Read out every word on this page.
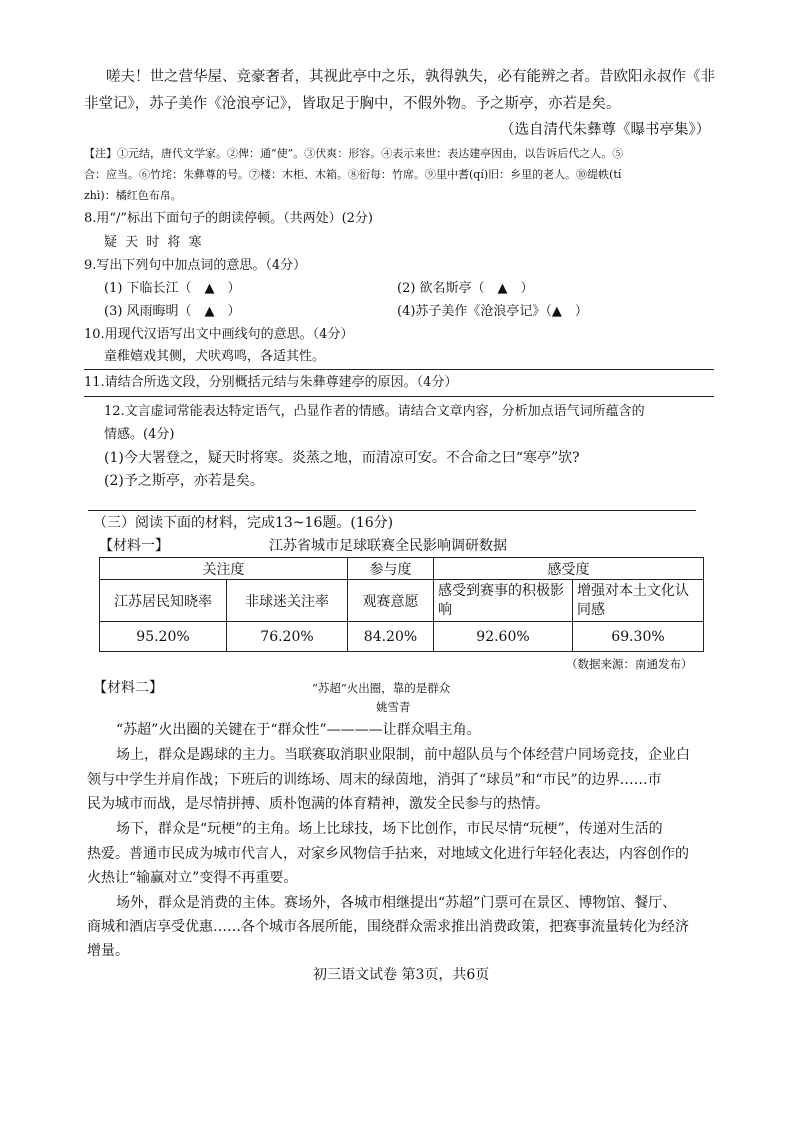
嗟夫！世之营华屋、竞豪奢者，其视此亭中之乐，孰得孰失，必有能辨之者。昔欧阳永叔作《非
非堂记》，苏子美作《沧浪亭记》，皆取足于胸中，不假外物。予之斯亭，亦若是矣。
（选自清代朱彝尊《曝书亭集》）
【注】①元结，唐代文学家。②俾：通“使”。③伏爽：形容。④表示来世：表达建亭因由，以告诉后代之人。⑤
合：应当。⑥竹垞：朱彝尊的号。⑦楼：木柜、木箱。⑧衍每：竹席。⑨里中耆(qí)旧：乡里的老人。⑩缇帙(tí
zhì)：橘红色布帛。
8.用“/”标出下面句子的朗读停顿。（共两处）(2分)
疑 天 时 将 寒
9.写出下列句中加点词的意思。（4分）
(1) 下临长江（　▲　）	(2) 欲名斯亭（　▲　）
(3) 风雨晦明（　▲　）	(4)苏子美作《沧浪亭记》（▲　）
10.用现代汉语写出文中画线句的意思。（4分）
童稚嬉戏其侧，犬吠鸡鸣，各适其性。
11.请结合所选文段，分别概括元结与朱彝尊建亭的原因。（4分）
12.文言虚词常能表达特定语气，凸显作者的情感。请结合文章内容，分析加点语气词所蕴含的
情感。(4分)
(1)今大署登之，疑天时将寒。炎蒸之地，而清凉可安。不合命之曰“寒亭”欤?
(2)予之斯亭，亦若是矣。
（三）阅读下面的材料，完成13~16题。(16分)
【材料一】	江苏省城市足球联赛全民影响调研数据
关注度		参与度	感受度	
江苏居民知晓率	非球迷关注率	观赛意愿	感受到赛事的积极影响	增强对本土文化认同感
95.20%	76.20%	84.20%	92.60%	69.30%
（数据来源：南通发布）
【材料二】	“苏超”火出圈，靠的是群众
姚雪青
“苏超”火出圈的关键在于“群众性”————让群众唱主角。
场上，群众是踢球的主力。当联赛取消职业限制，前中超队员与个体经营户同场竞技，企业白
领与中学生并肩作战；下班后的训练场、周末的绿茵地，消弭了“球员”和“市民”的边界……市
民为城市而战，是尽情拼搏、质朴饱满的体育精神，激发全民参与的热情。
场下，群众是“玩梗”的主角。场上比球技，场下比创作，市民尽情“玩梗”，传递对生活的
热爱。普通市民成为城市代言人，对家乡风物信手拈来，对地域文化进行年轻化表达，内容创作的
火热让“输赢对立”变得不再重要。
场外，群众是消费的主体。赛场外，各城市相继提出“苏超”门票可在景区、博物馆、餐厅、
商城和酒店享受优惠……各个城市各展所能，围绕群众需求推出消费政策，把赛事流量转化为经济
增量。
初三语文试卷 第3页，共6页
